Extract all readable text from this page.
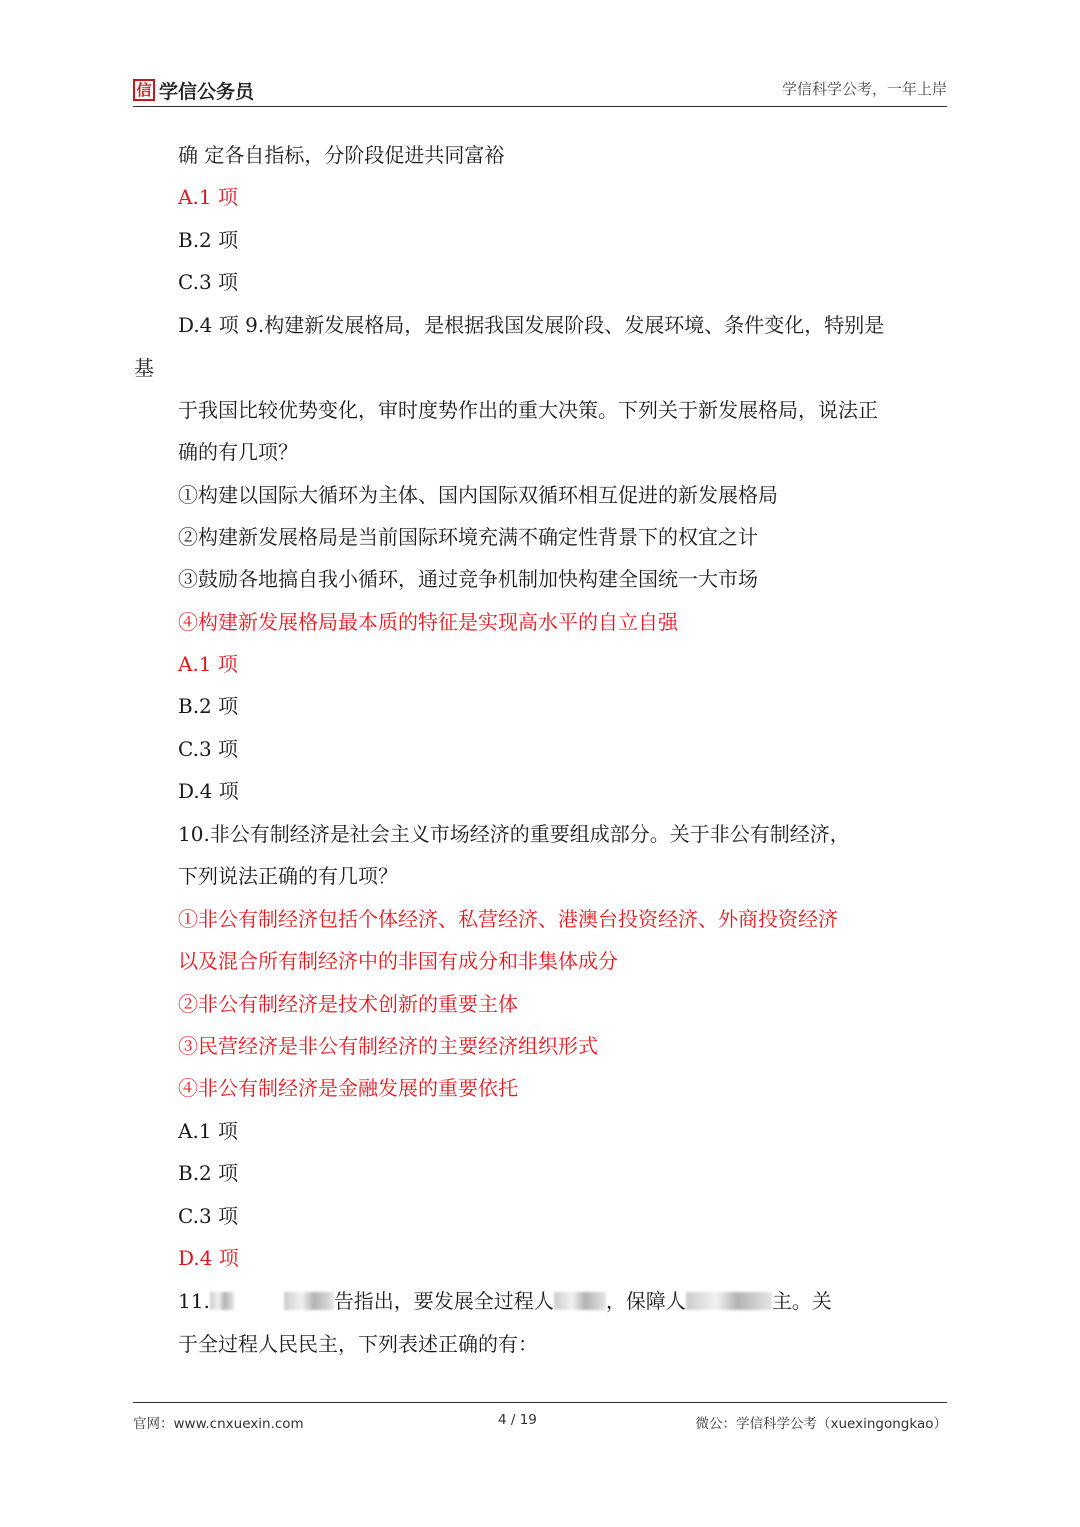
信 学信公务员	学信科学公考，一年上岸
确 定各自指标，分阶段促进共同富裕
A.1 项
B.2 项
C.3 项
D.4 项 9.构建新发展格局，是根据我国发展阶段、发展环境、条件变化，特别是
基
于我国比较优势变化，审时度势作出的重大决策。下列关于新发展格局，说法正
确的有几项？
①构建以国际大循环为主体、国内国际双循环相互促进的新发展格局
②构建新发展格局是当前国际环境充满不确定性背景下的权宜之计
③鼓励各地搞自我小循环，通过竞争机制加快构建全国统一大市场
④构建新发展格局最本质的特征是实现高水平的自立自强
A.1 项
B.2 项
C.3 项
D.4 项
10.非公有制经济是社会主义市场经济的重要组成部分。关于非公有制经济，
下列说法正确的有几项？
①非公有制经济包括个体经济、私营经济、港澳台投资经济、外商投资经济
以及混合所有制经济中的非国有成分和非集体成分
②非公有制经济是技术创新的重要主体
③民营经济是非公有制经济的主要经济组织形式
④非公有制经济是金融发展的重要依托
A.1 项
B.2 项
C.3 项
D.4 项
11.	告指出，要发展全过程人	，保障人	主。关
于全过程人民民主，下列表述正确的有：
官网：www.cnxuexin.com	4 / 19	微公：学信科学公考（xuexingongkao）
